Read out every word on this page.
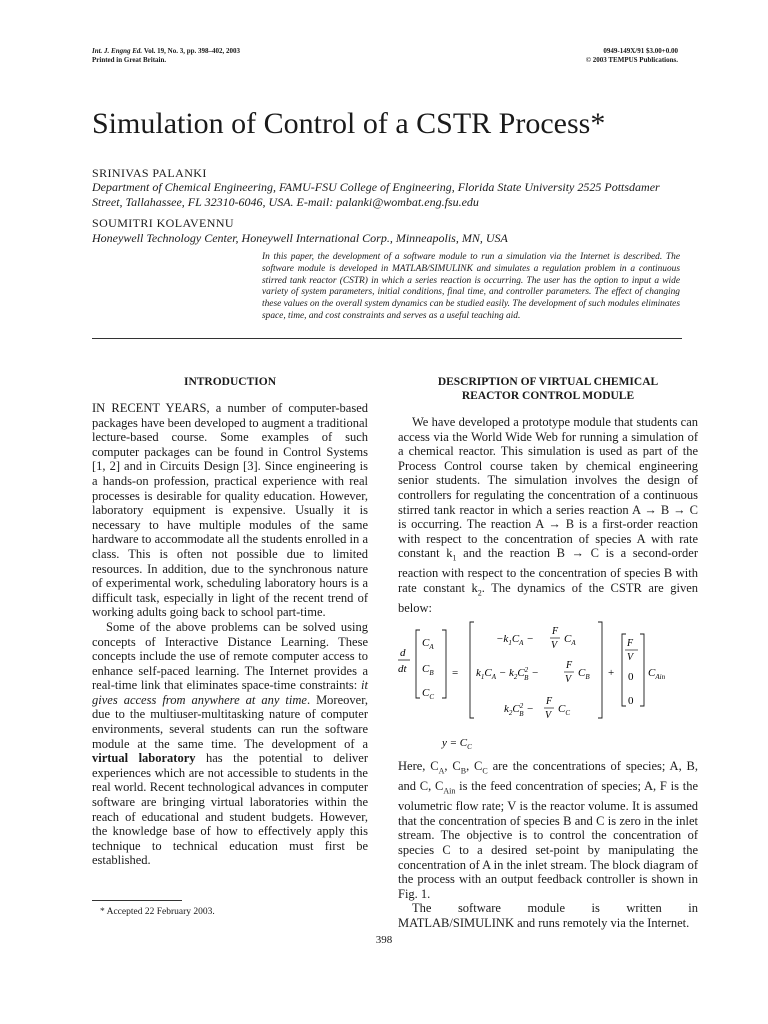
Int. J. Engng Ed. Vol. 19, No. 3, pp. 398–402, 2003
Printed in Great Britain.
0949-149X/91 $3.00+0.00
© 2003 TEMPUS Publications.
Simulation of Control of a CSTR Process*
SRINIVAS PALANKI
Department of Chemical Engineering, FAMU-FSU College of Engineering, Florida State University 2525 Pottsdamer Street, Tallahassee, FL 32310-6046, USA. E-mail: palanki@wombat.eng.fsu.edu
SOUMITRI KOLAVENNU
Honeywell Technology Center, Honeywell International Corp., Minneapolis, MN, USA
In this paper, the development of a software module to run a simulation via the Internet is described. The software module is developed in MATLAB/SIMULINK and simulates a regulation problem in a continuous stirred tank reactor (CSTR) in which a series reaction is occurring. The user has the option to input a wide variety of system parameters, initial conditions, final time, and controller parameters. The effect of changing these values on the overall system dynamics can be studied easily. The development of such modules eliminates space, time, and cost constraints and serves as a useful teaching aid.
INTRODUCTION

IN RECENT YEARS, a number of computer-based packages have been developed to augment a traditional lecture-based course. Some examples of such computer packages can be found in Control Systems [1, 2] and in Circuits Design [3]. Since engineering is a hands-on profession, practical experience with real processes is desirable for quality education. However, laboratory equipment is expensive. Usually it is necessary to have multiple modules of the same hardware to accommodate all the students enrolled in a class. This is often not possible due to limited resources. In addition, due to the synchronous nature of experimental work, scheduling laboratory hours is a difficult task, especially in light of the recent trend of working adults going back to school part-time.

Some of the above problems can be solved using concepts of Interactive Distance Learning. These concepts include the use of remote computer access to enhance self-paced learning. The Internet provides a real-time link that eliminates space-time constraints: it gives access from anywhere at any time. Moreover, due to the multiuser-multitasking nature of computer environments, several students can run the software module at the same time. The development of a virtual laboratory has the potential to deliver experiences which are not accessible to students in the real world. Recent technological advances in computer software are bringing virtual laboratories within the reach of educational and student budgets. However, the knowledge base of how to effectively apply this technique to technical education must first be established.

DESCRIPTION OF VIRTUAL CHEMICAL
REACTOR CONTROL MODULE

We have developed a prototype module that students can access via the World Wide Web for running a simulation of a chemical reactor. This simulation is used as part of the Process Control course taken by chemical engineering senior students. The simulation involves the design of controllers for regulating the concentration of a continuous stirred tank reactor in which a series reaction A → B → C is occurring. The reaction A → B is a first-order reaction with respect to the concentration of species A with rate constant $k_1$ and the reaction B → C is a second-order reaction with respect to the concentration of species B with rate constant $k_2$. The dynamics of the CSTR are given below:

d
dt
$C_A$
$C_B$
$C_C$
=
$-k_1C_A$ −
F
V
$C_A$
$k_1C_A - k_2C^2$ B −
F
V
$C_B$
$k_2C^2$ B −
F
V
$C_C$
+
F
V
0
0
$C_{Ain}$
$y = C_C$

Here, $C_A$, $C_B$, $C_C$ are the concentrations of species; A, B, and C, $C_{Ain}$ is the feed concentration of species; A, F is the volumetric flow rate; V is the reactor volume. It is assumed that the concentration of species B and C is zero in the inlet stream. The objective is to control the concentration of species C to a desired set-point by manipulating the concentration of A in the inlet stream. The block diagram of the process with an output feedback controller is shown in Fig. 1.

The software module is written in MATLAB/SIMULINK and runs remotely via the Internet.

* Accepted 22 February 2003.
398
